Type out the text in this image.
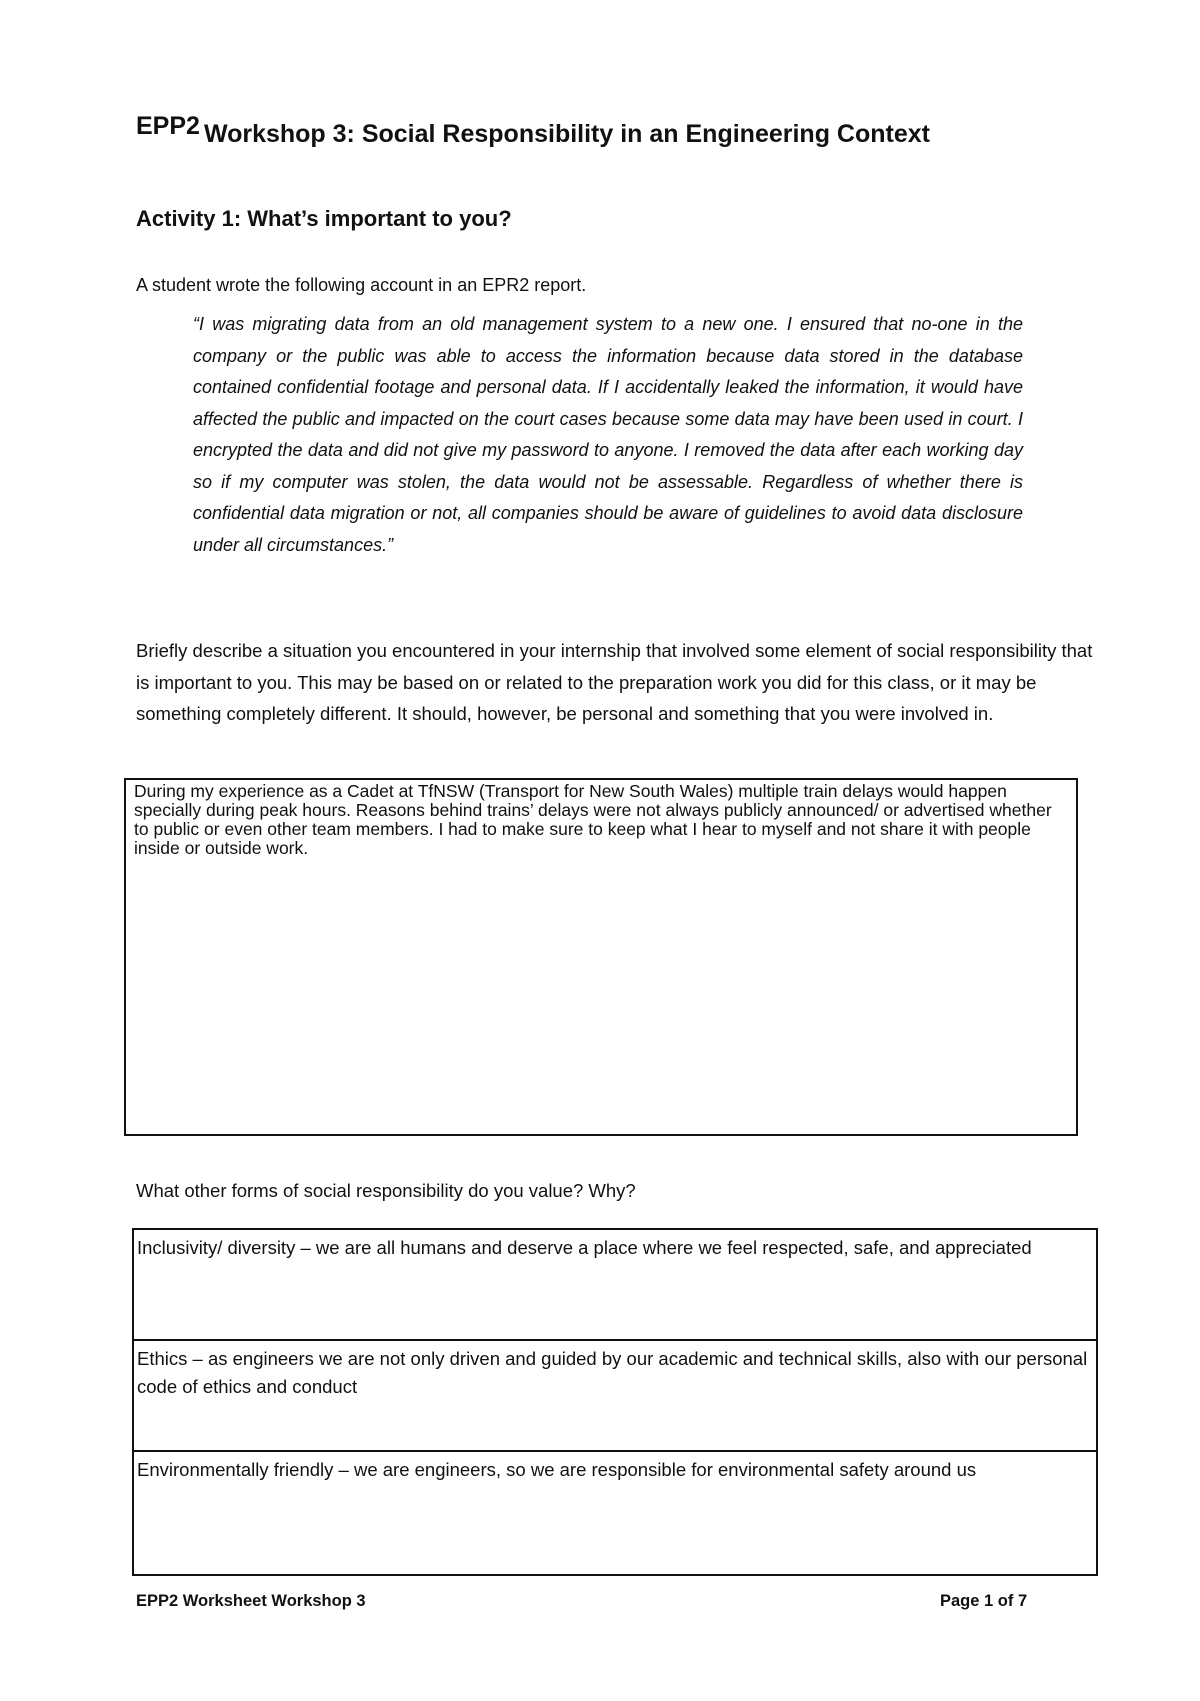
EPP2 Workshop 3: Social Responsibility in an Engineering Context
Activity 1: What’s important to you?
A student wrote the following account in an EPR2 report.
“I was migrating data from an old management system to a new one. I ensured that no-one in the company or the public was able to access the information because data stored in the database contained confidential footage and personal data. If I accidentally leaked the information, it would have affected the public and impacted on the court cases because some data may have been used in court. I encrypted the data and did not give my password to anyone. I removed the data after each working day so if my computer was stolen, the data would not be assessable. Regardless of whether there is confidential data migration or not, all companies should be aware of guidelines to avoid data disclosure under all circumstances.”
Briefly describe a situation you encountered in your internship that involved some element of social responsibility that is important to you. This may be based on or related to the preparation work you did for this class, or it may be something completely different. It should, however, be personal and something that you were involved in.
During my experience as a Cadet at TfNSW (Transport for New South Wales) multiple train delays would happen specially during peak hours. Reasons behind trains’ delays were not always publicly announced/ or advertised whether to public or even other team members. I had to make sure to keep what I hear to myself and not share it with people inside or outside work.
What other forms of social responsibility do you value? Why?
Inclusivity/ diversity – we are all humans and deserve a place where we feel respected, safe, and appreciated
Ethics – as engineers we are not only driven and guided by our academic and technical skills, also with our personal code of ethics and conduct
Environmentally friendly – we are engineers, so we are responsible for environmental safety around us
EPP2 Worksheet Workshop 3	Page 1 of 7
